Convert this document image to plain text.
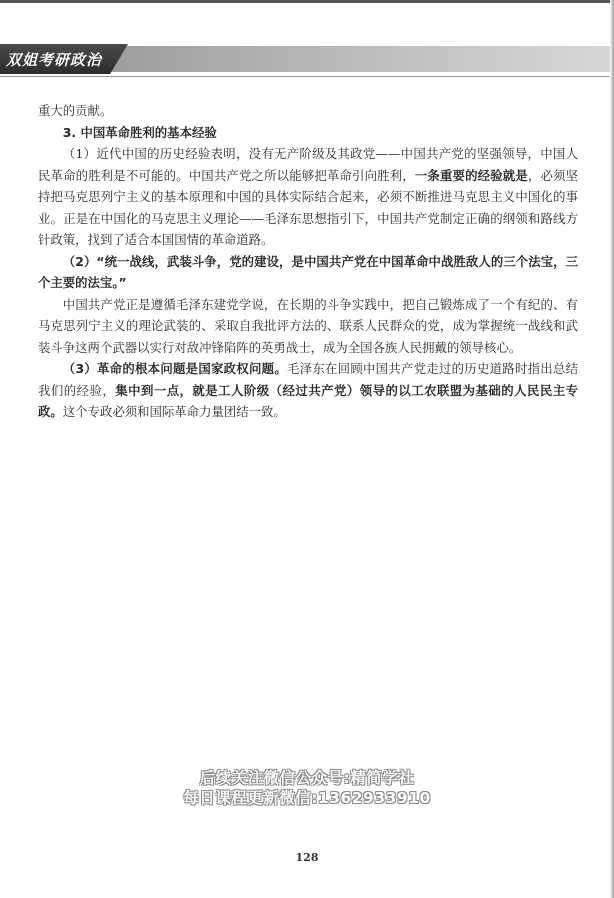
双姐考研政治

重大的贡献。

3. 中国革命胜利的基本经验

（1）近代中国的历史经验表明，没有无产阶级及其政党——中国共产党的坚强领导，中国人民革命的胜利是不可能的。中国共产党之所以能够把革命引向胜利，一条重要的经验就是，必须坚持把马克思列宁主义的基本原理和中国的具体实际结合起来，必须不断推进马克思主义中国化的事业。正是在中国化的马克思主义理论——毛泽东思想指引下，中国共产党制定正确的纲领和路线方针政策，找到了适合本国国情的革命道路。

（2）“统一战线，武装斗争，党的建设，是中国共产党在中国革命中战胜敌人的三个法宝，三个主要的法宝。”

中国共产党正是遵循毛泽东建党学说，在长期的斗争实践中，把自己锻炼成了一个有纪的、有马克思列宁主义的理论武装的、采取自我批评方法的、联系人民群众的党，成为掌握统一战线和武装斗争这两个武器以实行对敌冲锋陷阵的英勇战士，成为全国各族人民拥戴的领导核心。

（3）革命的根本问题是国家政权问题。毛泽东在回顾中国共产党走过的历史道路时指出总结我们的经验，集中到一点，就是工人阶级（经过共产党）领导的以工农联盟为基础的人民民主专政。这个专政必须和国际革命力量团结一致。

后续关注微信公众号:精简学社
每日课程更新微信:1362933910
128
